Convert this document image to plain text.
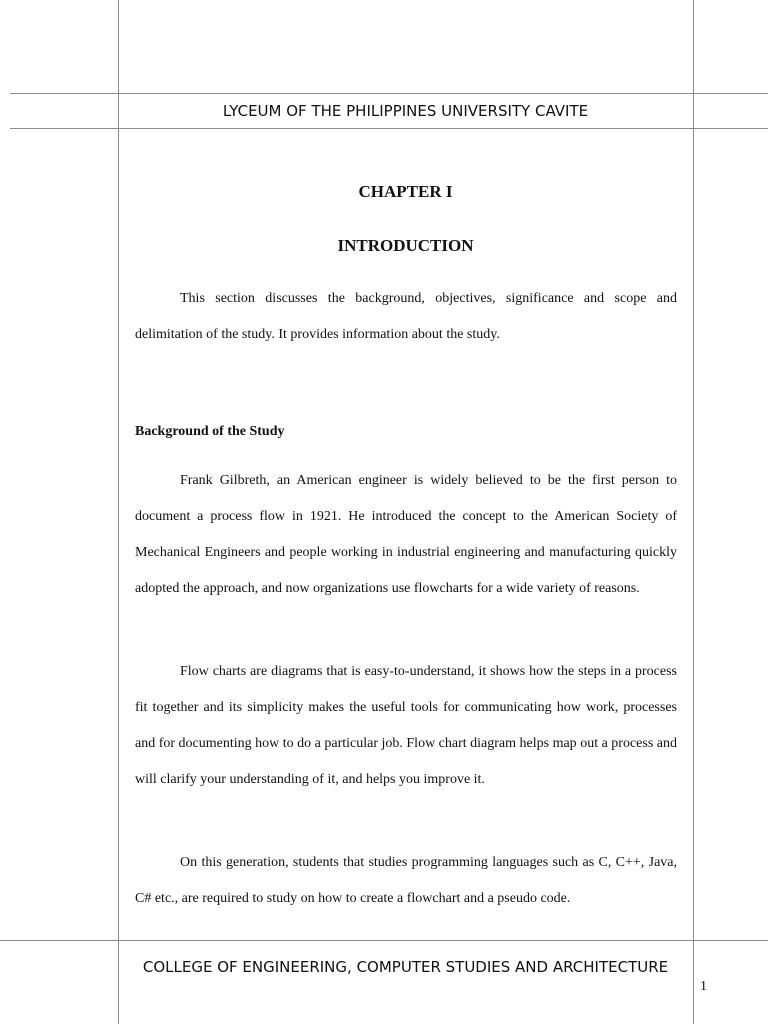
LYCEUM OF THE PHILIPPINES UNIVERSITY CAVITE
CHAPTER I
INTRODUCTION

This section discusses the background, objectives, significance and scope and delimitation of the study. It provides information about the study.

Background of the Study

Frank Gilbreth, an American engineer is widely believed to be the first person to document a process flow in 1921. He introduced the concept to the American Society of Mechanical Engineers and people working in industrial engineering and manufacturing quickly adopted the approach, and now organizations use flowcharts for a wide variety of reasons.

Flow charts are diagrams that is easy-to-understand, it shows how the steps in a process fit together and its simplicity makes the useful tools for communicating how work, processes and for documenting how to do a particular job. Flow chart diagram helps map out a process and will clarify your understanding of it, and helps you improve it.

On this generation, students that studies programming languages such as C, C++, Java, C# etc., are required to study on how to create a flowchart and a pseudo code.

COLLEGE OF ENGINEERING, COMPUTER STUDIES AND ARCHITECTURE
1
